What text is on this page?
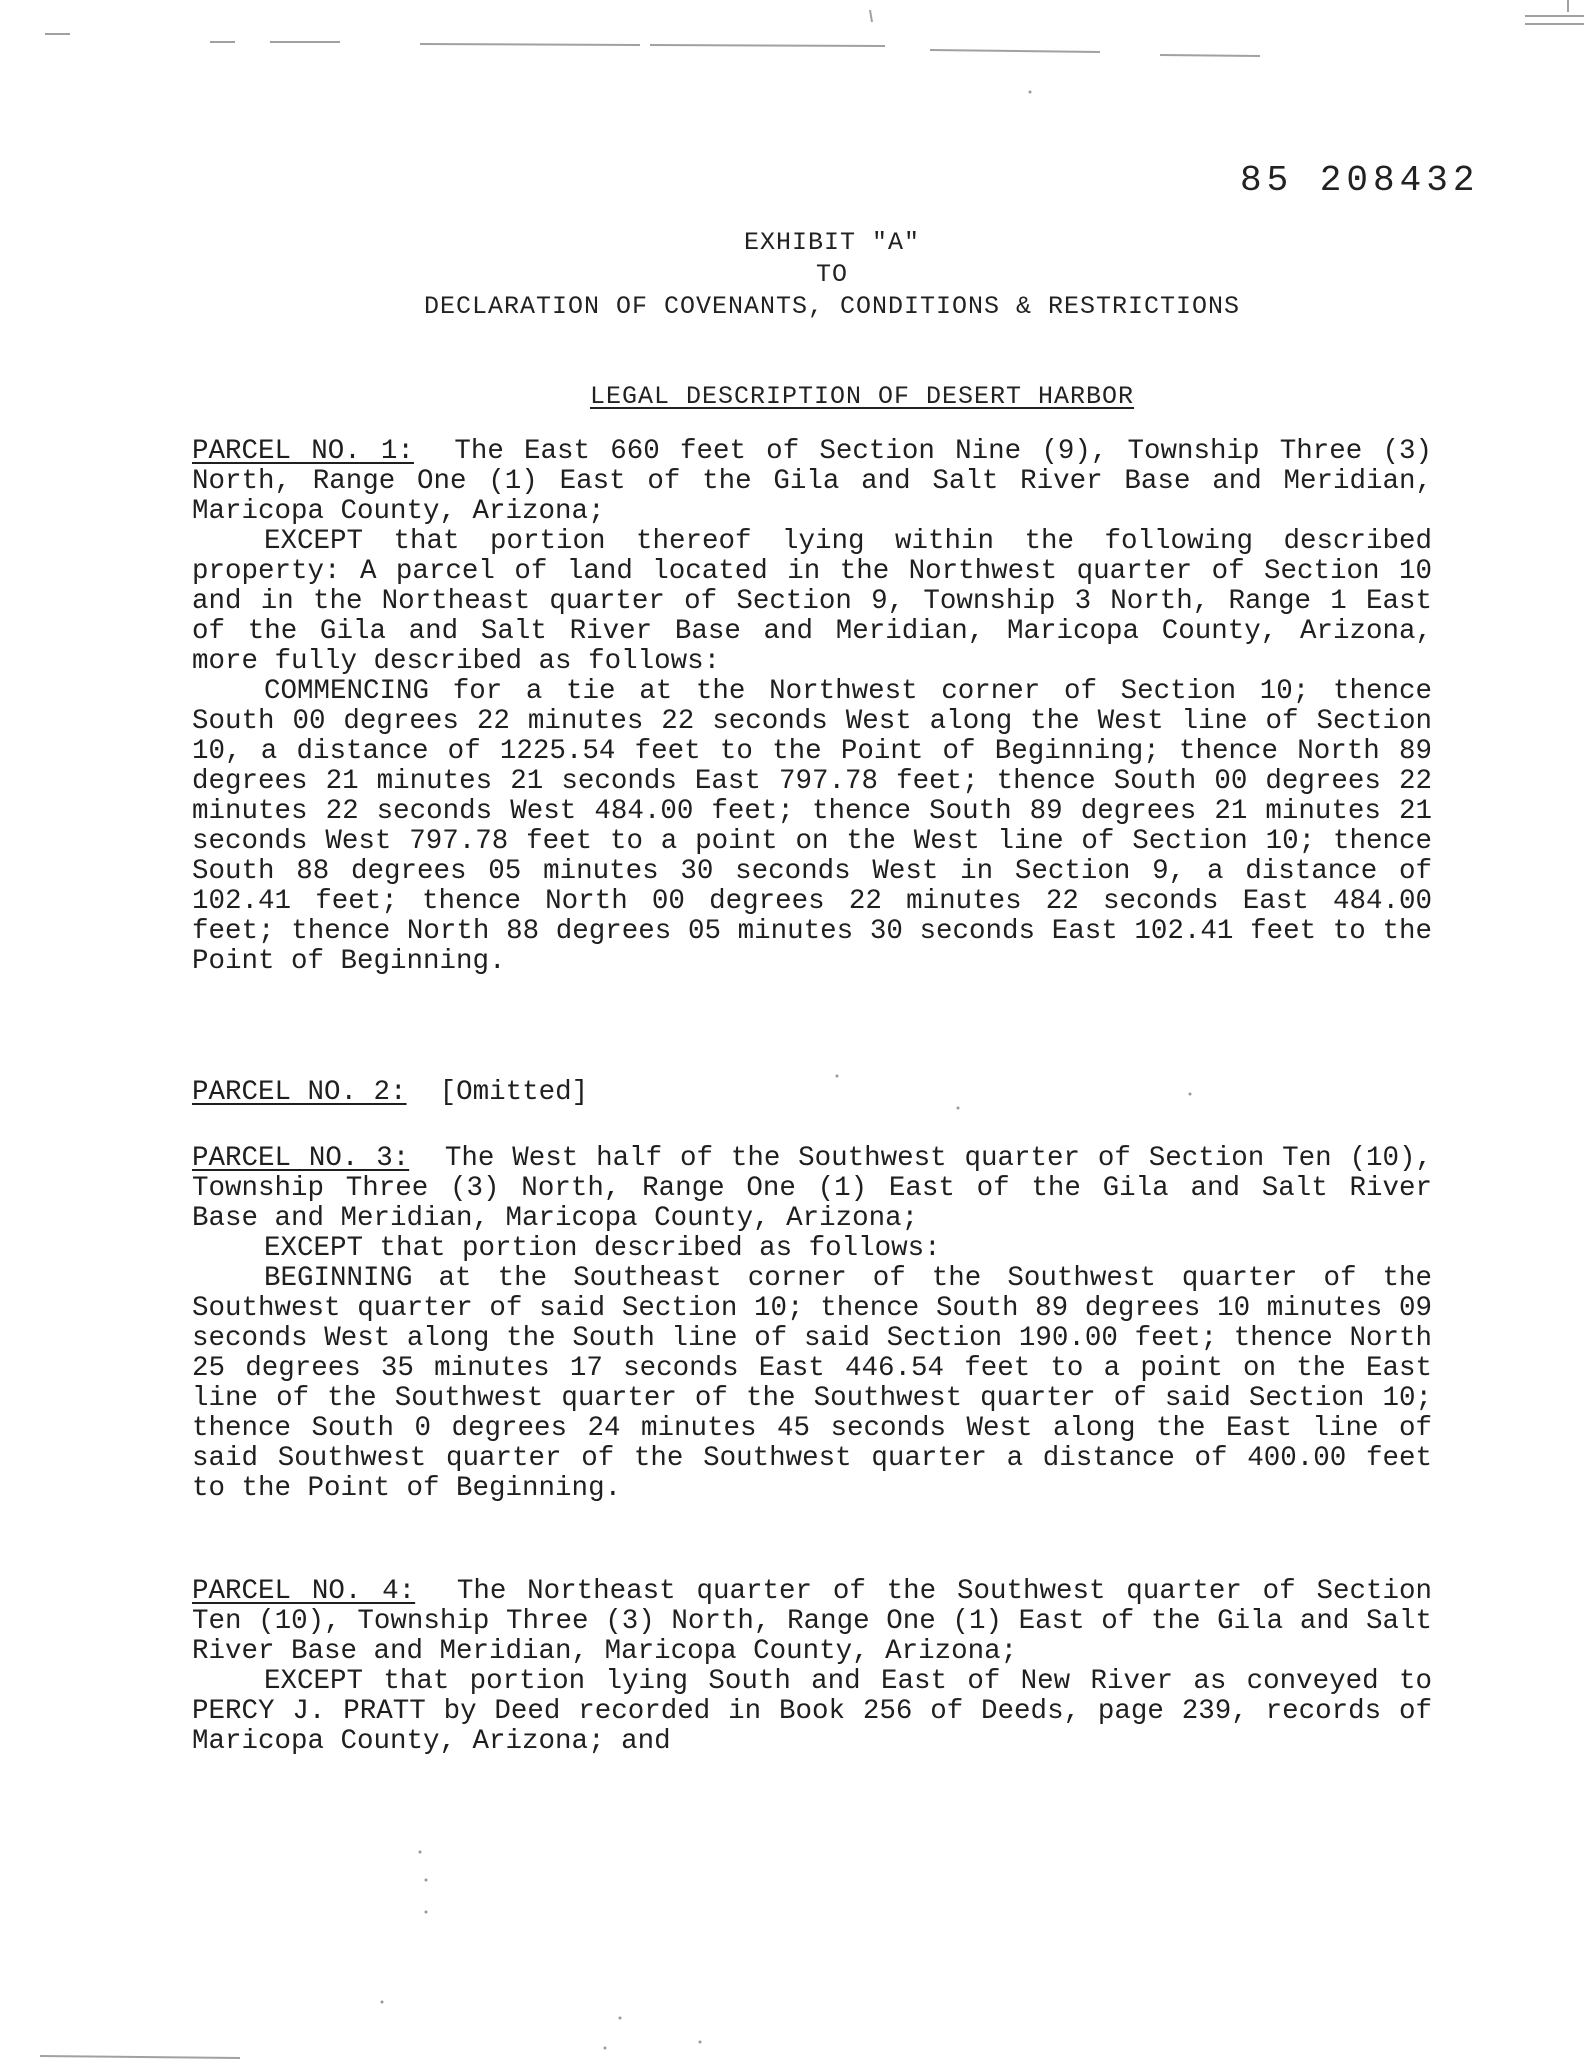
85 208432
EXHIBIT "A"
TO
DECLARATION OF COVENANTS, CONDITIONS & RESTRICTIONS
LEGAL DESCRIPTION OF DESERT HARBOR

PARCEL NO. 1: The East 660 feet of Section Nine (9), Township Three (3) North, Range One (1) East of the Gila and Salt River Base and Meridian, Maricopa County, Arizona;

EXCEPT that portion thereof lying within the following described property: A parcel of land located in the Northwest quarter of Section 10 and in the Northeast quarter of Section 9, Township 3 North, Range 1 East of the Gila and Salt River Base and Meridian, Maricopa County, Arizona, more fully described as follows:

COMMENCING for a tie at the Northwest corner of Section 10; thence South 00 degrees 22 minutes 22 seconds West along the West line of Section 10, a distance of 1225.54 feet to the Point of Beginning; thence North 89 degrees 21 minutes 21 seconds East 797.78 feet; thence South 00 degrees 22 minutes 22 seconds West 484.00 feet; thence South 89 degrees 21 minutes 21 seconds West 797.78 feet to a point on the West line of Section 10; thence South 88 degrees 05 minutes 30 seconds West in Section 9, a distance of 102.41 feet; thence North 00 degrees 22 minutes 22 seconds East 484.00 feet; thence North 88 degrees 05 minutes 30 seconds East 102.41 feet to the Point of Beginning.

PARCEL NO. 2: [Omitted]

PARCEL NO. 3: The West half of the Southwest quarter of Section Ten (10), Township Three (3) North, Range One (1) East of the Gila and Salt River Base and Meridian, Maricopa County, Arizona;

EXCEPT that portion described as follows:

BEGINNING at the Southeast corner of the Southwest quarter of the Southwest quarter of said Section 10; thence South 89 degrees 10 minutes 09 seconds West along the South line of said Section 190.00 feet; thence North 25 degrees 35 minutes 17 seconds East 446.54 feet to a point on the East line of the Southwest quarter of the Southwest quarter of said Section 10; thence South 0 degrees 24 minutes 45 seconds West along the East line of said Southwest quarter of the Southwest quarter a distance of 400.00 feet to the Point of Beginning.

PARCEL NO. 4: The Northeast quarter of the Southwest quarter of Section Ten (10), Township Three (3) North, Range One (1) East of the Gila and Salt River Base and Meridian, Maricopa County, Arizona;

EXCEPT that portion lying South and East of New River as conveyed to PERCY J. PRATT by Deed recorded in Book 256 of Deeds, page 239, records of Maricopa County, Arizona; and
